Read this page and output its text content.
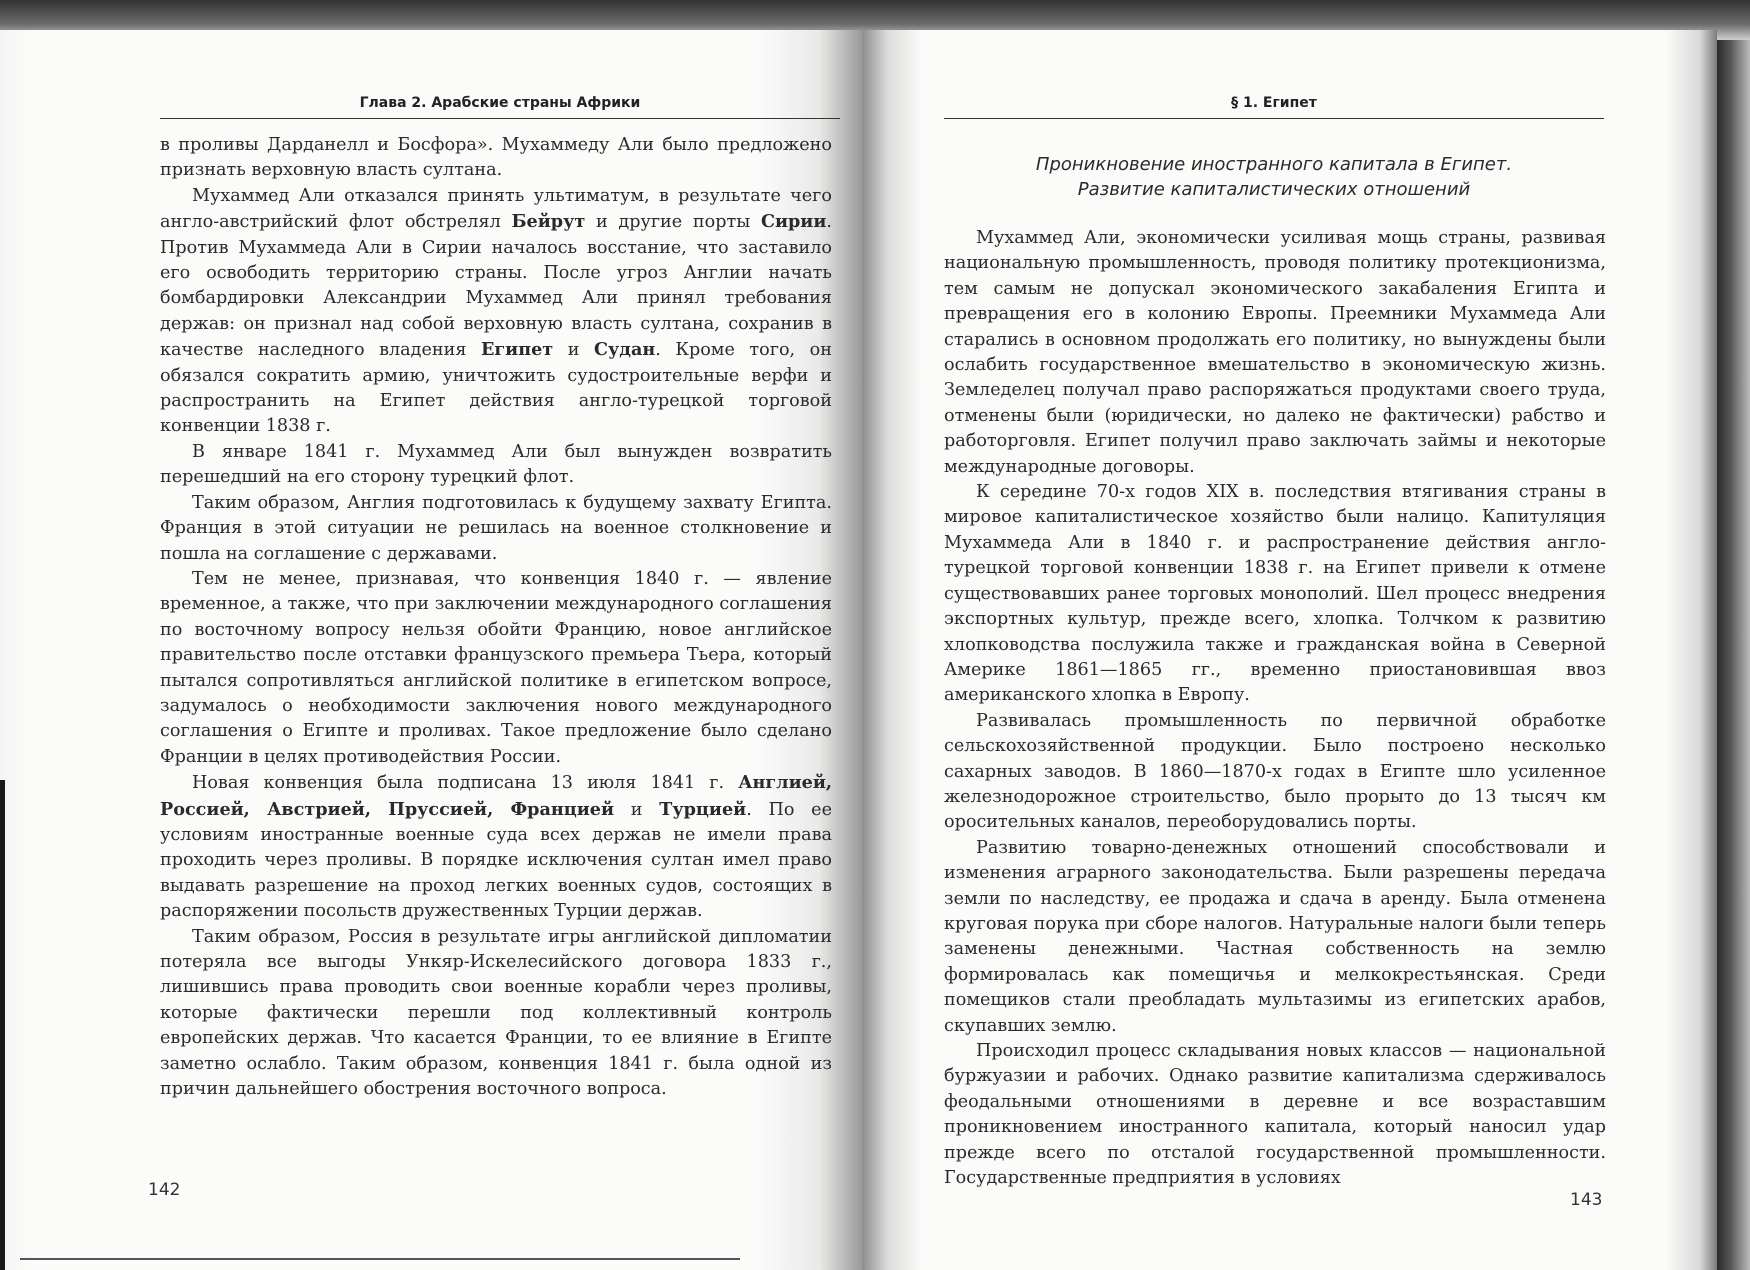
Глава 2. Арабские страны Африки

в проливы Дарданелл и Босфора». Мухаммеду Али было предложено признать верховную власть султана.

Мухаммед Али отказался принять ультиматум, в результате чего англо-австрийский флот обстрелял Бейрут и другие порты Сирии. Против Мухаммеда Али в Сирии началось восстание, что заставило его освободить территорию страны. После угроз Англии начать бомбардировки Александрии Мухаммед Али принял требования держав: он признал над собой верховную власть султана, сохранив в качестве наследного владения Египет и Судан. Кроме того, он обязался сократить армию, уничтожить судостроительные верфи и распространить на Египет действия англо-турецкой торговой конвенции 1838 г.

В январе 1841 г. Мухаммед Али был вынужден возвратить перешедший на его сторону турецкий флот.

Таким образом, Англия подготовилась к будущему захвату Египта. Франция в этой ситуации не решилась на военное столкновение и пошла на соглашение с державами.

Тем не менее, признавая, что конвенция 1840 г. — явление временное, а также, что при заключении международного соглашения по восточному вопросу нельзя обойти Францию, новое английское правительство после отставки французского премьера Тьера, который пытался сопротивляться английской политике в египетском вопросе, задумалось о необходимости заключения нового международного соглашения о Египте и проливах. Такое предложение было сделано Франции в целях противодействия России.

Новая конвенция была подписана 13 июля 1841 г. Англией, Россией, Австрией, Пруссией, Францией и Турцией. По ее условиям иностранные военные суда всех держав не имели права проходить через проливы. В порядке исключения султан имел право выдавать разрешение на проход легких военных судов, состоящих в распоряжении посольств дружественных Турции держав.

Таким образом, Россия в результате игры английской дипломатии потеряла все выгоды Ункяр-Искелесийского договора 1833 г., лишившись права проводить свои военные корабли через проливы, которые фактически перешли под коллективный контроль европейских держав. Что касается Франции, то ее влияние в Египте заметно ослабло. Таким образом, конвенция 1841 г. была одной из причин дальнейшего обострения восточного вопроса.

142
§ 1. Египет
Проникновение иностранного капитала в Египет.
Развитие капиталистических отношений

Мухаммед Али, экономически усиливая мощь страны, развивая национальную промышленность, проводя политику протекционизма, тем самым не допускал экономического закабаления Египта и превращения его в колонию Европы. Преемники Мухаммеда Али старались в основном продолжать его политику, но вынуждены были ослабить государственное вмешательство в экономическую жизнь. Земледелец получал право распоряжаться продуктами своего труда, отменены были (юридически, но далеко не фактически) рабство и работорговля. Египет получил право заключать займы и некоторые международные договоры.

К середине 70-х годов XIX в. последствия втягивания страны в мировое капиталистическое хозяйство были налицо. Капитуляция Мухаммеда Али в 1840 г. и распространение действия англо-турецкой торговой конвенции 1838 г. на Египет привели к отмене существовавших ранее торговых монополий. Шел процесс внедрения экспортных культур, прежде всего, хлопка. Толчком к развитию хлопководства послужила также и гражданская война в Северной Америке 1861—1865 гг., временно приостановившая ввоз американского хлопка в Европу.

Развивалась промышленность по первичной обработке сельскохозяйственной продукции. Было построено несколько сахарных заводов. В 1860—1870-х годах в Египте шло усиленное железнодорожное строительство, было прорыто до 13 тысяч км оросительных каналов, переоборудовались порты.

Развитию товарно-денежных отношений способствовали и изменения аграрного законодательства. Были разрешены передача земли по наследству, ее продажа и сдача в аренду. Была отменена круговая порука при сборе налогов. Натуральные налоги были теперь заменены денежными. Частная собственность на землю формировалась как помещичья и мелкокрестьянская. Среди помещиков стали преобладать мультазимы из египетских арабов, скупавших землю.

Происходил процесс складывания новых классов — национальной буржуазии и рабочих. Однако развитие капитализма сдерживалось феодальными отношениями в деревне и все возраставшим проникновением иностранного капитала, который наносил удар прежде всего по отсталой государственной промышленности. Государственные предприятия в условиях

143
